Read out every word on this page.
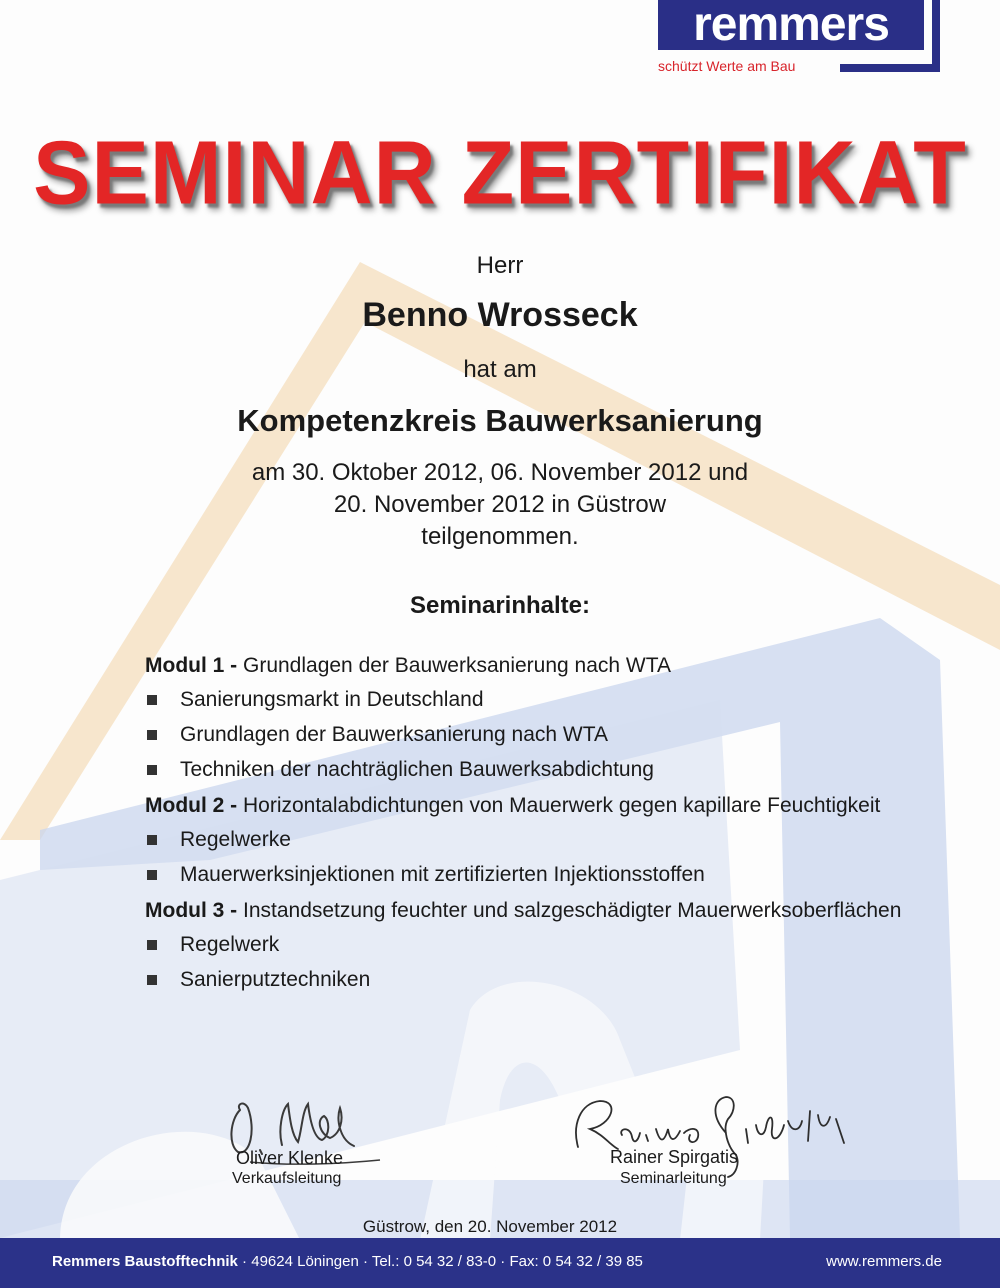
remmers
schützt Werte am Bau
SEMINAR ZERTIFIKAT
Herr
Benno Wrosseck
hat am
Kompetenzkreis Bauwerksanierung
am 30. Oktober 2012, 06. November 2012 und
20. November 2012 in Güstrow
teilgenommen.
Seminarinhalte:

Modul 1 - Grundlagen der Bauwerksanierung nach WTA

Sanierungsmarkt in Deutschland
Grundlagen der Bauwerksanierung nach WTA
Techniken der nachträglichen Bauwerksabdichtung

Modul 2 - Horizontalabdichtungen von Mauerwerk gegen kapillare Feuchtigkeit

Regelwerke
Mauerwerksinjektionen mit zertifizierten Injektionsstoffen

Modul 3 - Instandsetzung feuchter und salzgeschädigter Mauerwerksoberflächen

Regelwerk
Sanierputztechniken
Oliver Klenke
Verkaufsleitung
Rainer Spirgatis
Seminarleitung
Güstrow, den 20. November 2012
Remmers Baustofftechnik · 49624 Löningen · Tel.: 0 54 32 / 83-0 · Fax: 0 54 32 / 39 85	www.remmers.de
